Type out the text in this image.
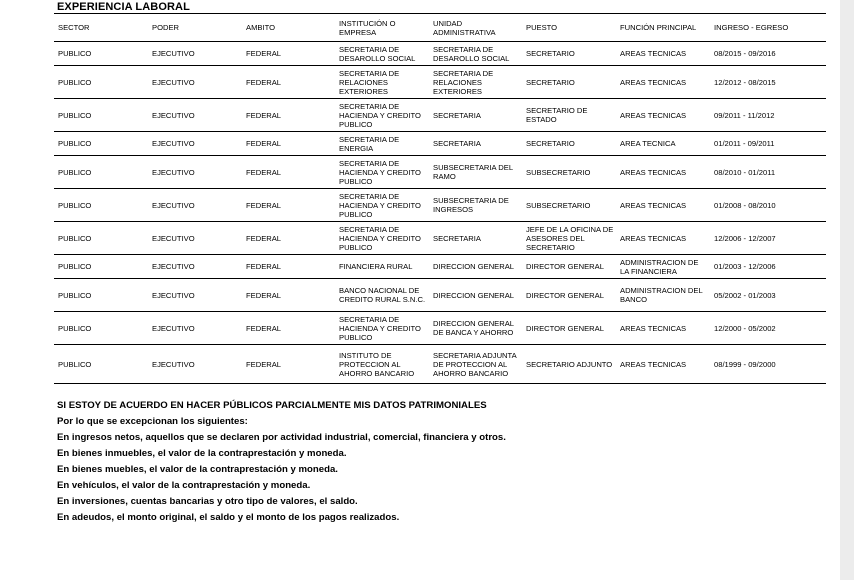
EXPERIENCIA LABORAL
SECTOR	PODER	AMBITO	INSTITUCIÓN O EMPRESA	UNIDAD ADMINISTRATIVA	PUESTO	FUNCIÓN PRINCIPAL	INGRESO - EGRESO
PUBLICO	EJECUTIVO	FEDERAL	SECRETARIA DE DESAROLLO SOCIAL	SECRETARIA DE DESAROLLO SOCIAL	SECRETARIO	AREAS TECNICAS	08/2015 - 09/2016
PUBLICO	EJECUTIVO	FEDERAL	SECRETARIA DE RELACIONES EXTERIORES	SECRETARIA DE RELACIONES EXTERIORES	SECRETARIO	AREAS TECNICAS	12/2012 - 08/2015
PUBLICO	EJECUTIVO	FEDERAL	SECRETARIA DE HACIENDA Y CREDITO PUBLICO	SECRETARIA	SECRETARIO DE ESTADO	AREAS TECNICAS	09/2011 - 11/2012
PUBLICO	EJECUTIVO	FEDERAL	SECRETARIA DE ENERGIA	SECRETARIA	SECRETARIO	AREA TECNICA	01/2011 - 09/2011
PUBLICO	EJECUTIVO	FEDERAL	SECRETARIA DE HACIENDA Y CREDITO PUBLICO	SUBSECRETARIA DEL RAMO	SUBSECRETARIO	AREAS TECNICAS	08/2010 - 01/2011
PUBLICO	EJECUTIVO	FEDERAL	SECRETARIA DE HACIENDA Y CREDITO PUBLICO	SUBSECRETARIA DE INGRESOS	SUBSECRETARIO	AREAS TECNICAS	01/2008 - 08/2010
PUBLICO	EJECUTIVO	FEDERAL	SECRETARIA DE HACIENDA Y CREDITO PUBLICO	SECRETARIA	JEFE DE LA OFICINA DE ASESORES DEL SECRETARIO	AREAS TECNICAS	12/2006 - 12/2007
PUBLICO	EJECUTIVO	FEDERAL	FINANCIERA RURAL	DIRECCION GENERAL	DIRECTOR GENERAL	ADMINISTRACION DE LA FINANCIERA	01/2003 - 12/2006
PUBLICO	EJECUTIVO	FEDERAL	BANCO NACIONAL DE CREDITO RURAL S.N.C.	DIRECCION GENERAL	DIRECTOR GENERAL	ADMINISTRACION DEL BANCO	05/2002 - 01/2003
PUBLICO	EJECUTIVO	FEDERAL	SECRETARIA DE HACIENDA Y CREDITO PUBLICO	DIRECCION GENERAL DE BANCA Y AHORRO	DIRECTOR GENERAL	AREAS TECNICAS	12/2000 - 05/2002
PUBLICO	EJECUTIVO	FEDERAL	INSTITUTO DE PROTECCION AL AHORRO BANCARIO	SECRETARIA ADJUNTA DE PROTECCION AL AHORRO BANCARIO	SECRETARIO ADJUNTO	AREAS TECNICAS	08/1999 - 09/2000
SI ESTOY DE ACUERDO EN HACER PÚBLICOS PARCIALMENTE MIS DATOS PATRIMONIALES
Por lo que se excepcionan los siguientes:
En ingresos netos, aquellos que se declaren por actividad industrial, comercial, financiera y otros.
En bienes inmuebles, el valor de la contraprestación y moneda.
En bienes muebles, el valor de la contraprestación y moneda.
En vehículos, el valor de la contraprestación y moneda.
En inversiones, cuentas bancarias y otro tipo de valores, el saldo.
En adeudos, el monto original, el saldo y el monto de los pagos realizados.
